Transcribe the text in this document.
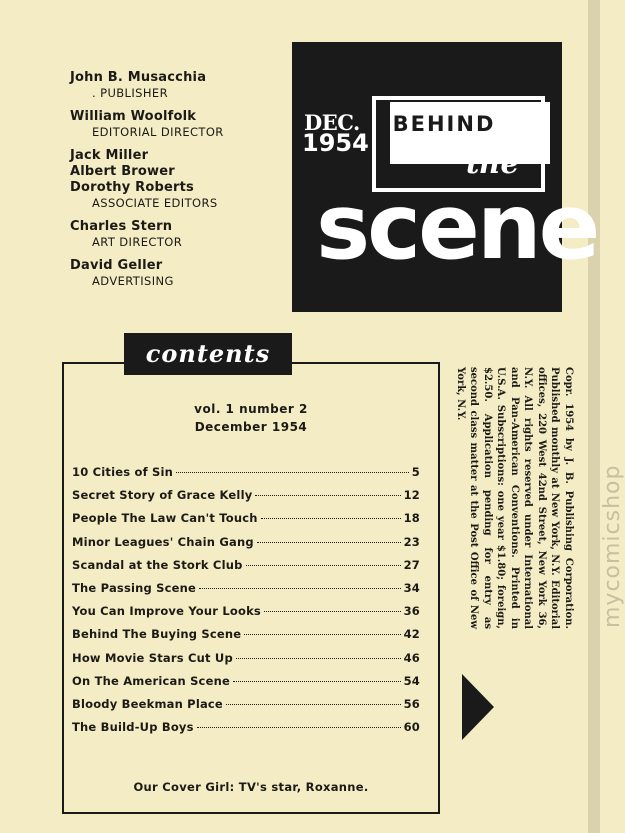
John B. Musacchia
. PUBLISHER
William Woolfolk
EDITORIAL DIRECTOR
Jack Miller
Albert Brower
Dorothy Roberts
ASSOCIATE EDITORS
Charles Stern
ART DIRECTOR
David Geller
ADVERTISING
DEC.
1954
BEHIND
the
scene
contents
vol. 1 number 2
December 1954
10 Cities of Sin	5
Secret Story of Grace Kelly	12
People The Law Can't Touch	18
Minor Leagues' Chain Gang	23
Scandal at the Stork Club	27
The Passing Scene	34
You Can Improve Your Looks	36
Behind The Buying Scene	42
How Movie Stars Cut Up	46
On The American Scene	54
Bloody Beekman Place	56
The Build-Up Boys	60
Our Cover Girl: TV's star, Roxanne.
Copr. 1954 by J. B. Publishing Corporation. Published monthly at New York, N.Y. Editorial offices, 220 West 42nd Street, New York 36, N.Y. All rights reserved under International and Pan-American Conventions. Printed in U.S.A. Subscriptions: one year $1.80; foreign, $2.50. Application pending for entry as second class matter at the Post Office of New York, N.Y.
mycomicshop
